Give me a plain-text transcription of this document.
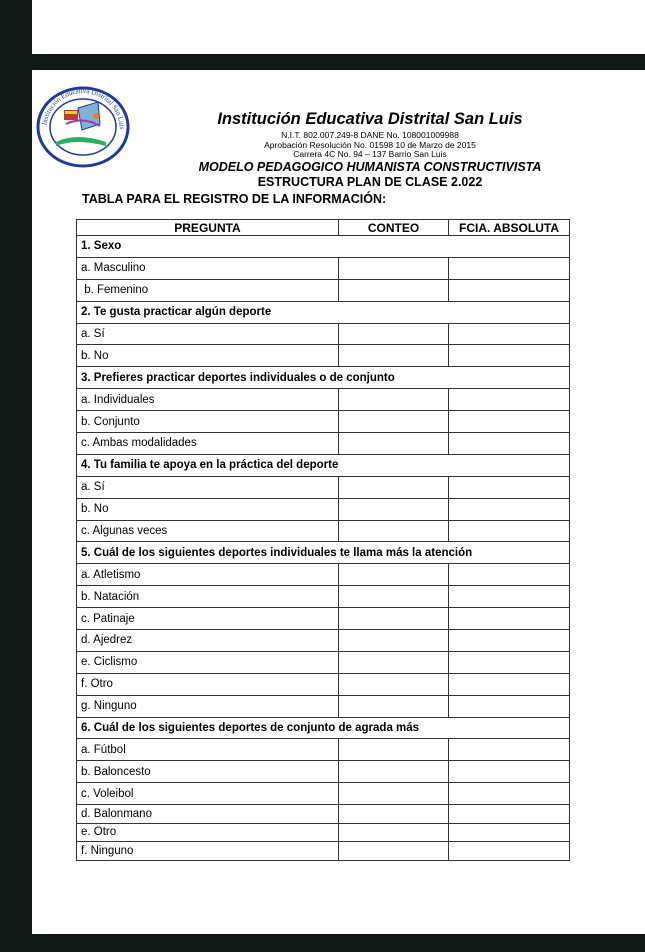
Institución Educativa Distrital San Luis
Institución Educativa Distrital San Luis
N.I.T. 802.007.249-8 DANE No. 108001009988
Aprobación Resolución No. 01598 10 de Marzo de 2015
Carrera 4C No. 94 – 137 Barrio San Luis
MODELO PEDAGOGICO HUMANISTA CONSTRUCTIVISTA
ESTRUCTURA PLAN DE CLASE 2.022
TABLA PARA EL REGISTRO DE LA INFORMACIÓN:
PREGUNTA	CONTEO	FCIA. ABSOLUTA
1. Sexo		
a. Masculino		
b. Femenino		
2. Te gusta practicar algún deporte		
a. Sí		
b. No		
3. Prefieres practicar deportes individuales o de conjunto		
a. Individuales		
b. Conjunto		
c. Ambas modalidades		
4. Tu familia te apoya en la práctica del deporte		
a. Sí		
b. No		
c. Algunas veces		
5. Cuál de los siguientes deportes individuales te llama más la atención		
a. Atletismo		
b. Natación		
c. Patinaje		
d. Ajedrez		
e. Ciclismo		
f. Otro		
g. Ninguno		
6. Cuál de los siguientes deportes de conjunto de agrada más		
a. Fútbol		
b. Baloncesto		
c. Voleibol		
d. Balonmano		
e. Otro		
f. Ninguno		
